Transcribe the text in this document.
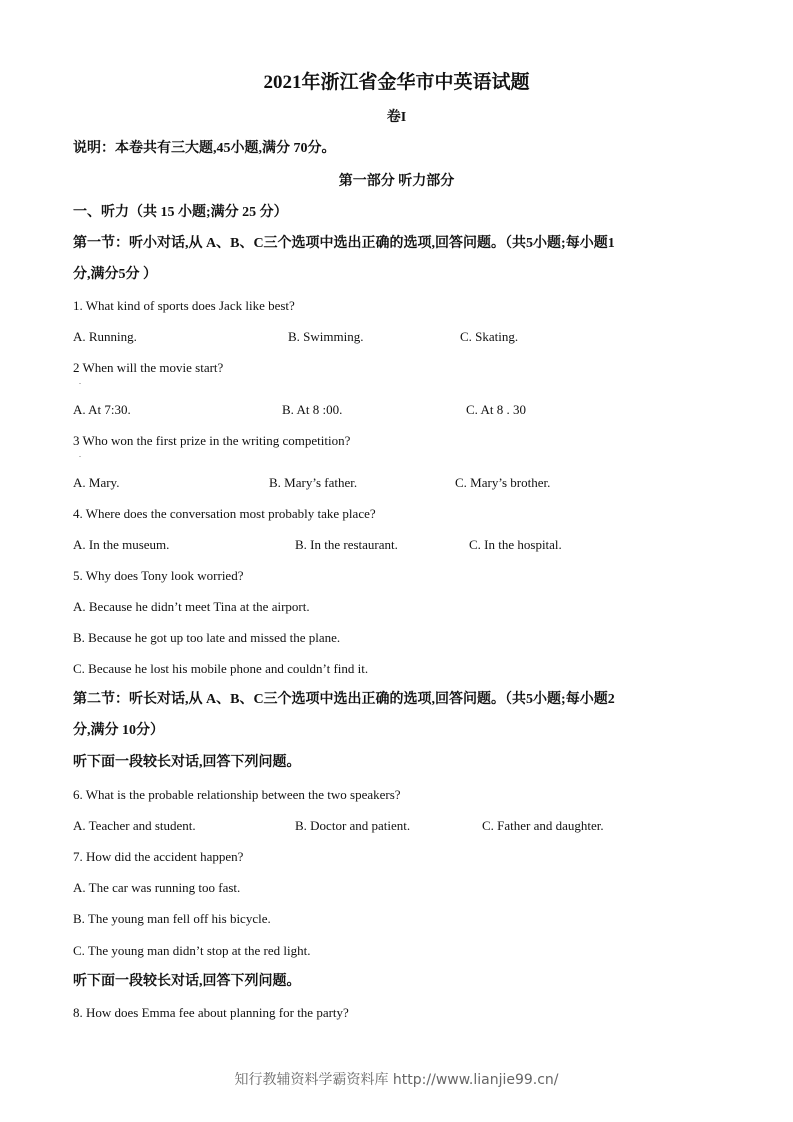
2021年浙江省金华市中英语试题
卷I
说明：本卷共有三大题,45小题,满分 70分。
第一部分 听力部分
一、听力（共 15 小题;满分 25 分）
第一节：听小对话,从 A、B、C三个选项中选出正确的选项,回答问题。（共5小题;每小题1
分,满分5分 ）
1. What kind of sports does Jack like best?
A. Running.	B. Swimming.	C. Skating.
2 When will the movie start?
.
A. At 7:30.	B. At 8 :00.	C. At 8 . 30
3 Who won the first prize in the writing competition?
.
A. Mary.	B. Mary’s father.	C. Mary’s brother.
4. Where does the conversation most probably take place?
A. In the museum.	B. In the restaurant.	C. In the hospital.
5. Why does Tony look worried?
A. Because he didn’t meet Tina at the airport.
B. Because he got up too late and missed the plane.
C. Because he lost his mobile phone and couldn’t find it.
第二节：听长对话,从 A、B、C三个选项中选出正确的选项,回答问题。（共5小题;每小题2
分,满分 10分）
听下面一段较长对话,回答下列问题。
6. What is the probable relationship between the two speakers?
A. Teacher and student.	B. Doctor and patient.	C. Father and daughter.
7. How did the accident happen?
A. The car was running too fast.
B. The young man fell off his bicycle.
C. The young man didn’t stop at the red light.
听下面一段较长对话,回答下列问题。
8. How does Emma fee about planning for the party?
知行教辅资料学霸资料库 http://www.lianjie99.cn/
